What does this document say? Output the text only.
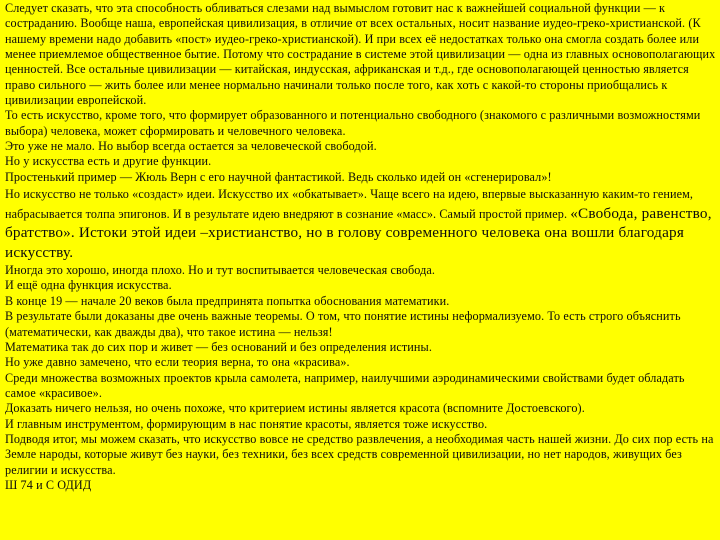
Следует сказать, что эта способность обливаться слезами над вымыслом готовит нас к важнейшей социальной функции — к состраданию. Вообще наша, европейская цивилизация, в отличие от всех остальных, носит название иудео-греко-христианской. (К нашему времени надо добавить «пост» иудео-греко-христианской). И при всех её недостатках только она смогла создать более или менее приемлемое общественное бытие. Потому что сострадание в системе этой цивилизации — одна из главных основополагающих ценностей. Все остальные цивилизации — китайская, индусская, африканская и т.д., где основополагающей ценностью является право сильного — жить более или менее нормально начинали только после того, как хоть с какой-то стороны приобщались к цивилизации европейской.

То есть искусство, кроме того, что формирует образованного и потенциально свободного (знакомого с различными возможностями выбора) человека, может сформировать и человечного человека.

Это уже не мало. Но выбор всегда остается за человеческой свободой.

Но у искусства есть и другие функции.

Простенький пример — Жюль Верн с его научной фантастикой. Ведь сколько идей он «сгенерировал»!

Но искусство не только «создаст» идеи. Искусство их «обкатывает». Чаще всего на идею, впервые высказанную каким-то гением, набрасывается толпа эпигонов. И в результате идею внедряют в сознание «масс». Самый простой пример. «Свобода, равенство, братство». Истоки этой идеи –христианство, но в голову современного человека она вошли благодаря искусству.

Иногда это хорошо, иногда плохо. Но и тут воспитывается человеческая свобода.

И ещё одна функция искусства.

В конце 19 — начале 20 веков была предпринята попытка обоснования математики.

В результате были доказаны две очень важные теоремы. О том, что понятие истины неформализуемо. То есть строго объяснить (математически, как дважды два), что такое истина — нельзя!

Математика так до сих пор и живет — без оснований и без определения истины.

Но уже давно замечено, что если теория верна, то она «красива».

Среди множества возможных проектов крыла самолета, например, наилучшими аэродинамическими свойствами будет обладать самое «красивое».

Доказать ничего нельзя, но очень похоже, что критерием истины является красота (вспомните Достоевского).

И главным инструментом, формирующим в нас понятие красоты, является тоже искусство.

Подводя итог, мы можем сказать, что искусство вовсе не средство развлечения, а необходимая часть нашей жизни. До сих пор есть на Земле народы, которые живут без науки, без техники, без всех средств современной цивилизации, но нет народов, живущих без религии и искусства.

Ш 74 и С ОДИД
